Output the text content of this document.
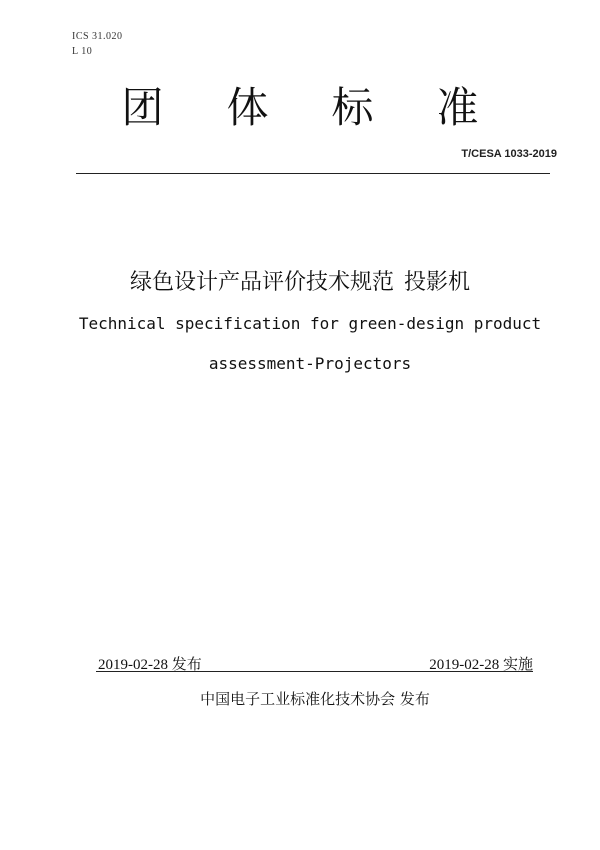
ICS 31.020
L 10
团	体	标	准
T/CESA 1033-2019
绿色设计产品评价技术规范 投影机
Technical specification for green-design product
assessment-Projectors
2019-02-28 发布	2019-02-28 实施
中国电子工业标准化技术协会 发布
